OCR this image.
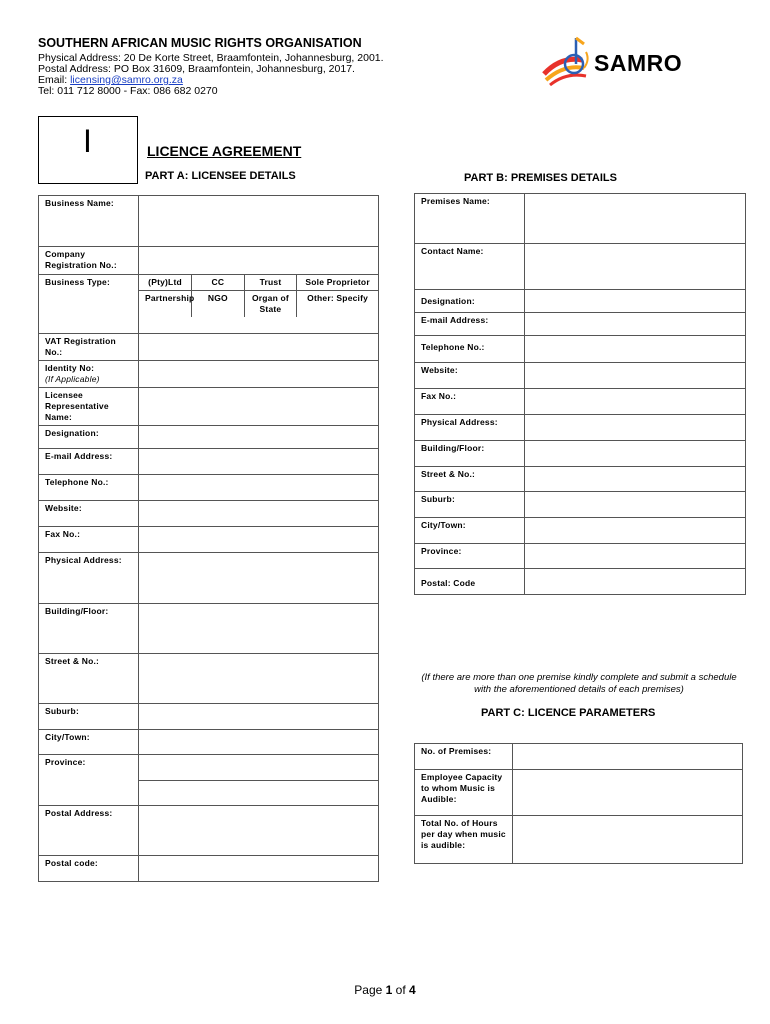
SOUTHERN AFRICAN MUSIC RIGHTS ORGANISATION
Physical Address: 20 De Korte Street, Braamfontein, Johannesburg, 2001.
Postal Address: PO Box 31609, Braamfontein, Johannesburg, 2017.
Email: licensing@samro.org.za
Tel: 011 712 8000 - Fax: 086 682 0270
SAMRO
I	LICENCE AGREEMENT
PART A: LICENSEE DETAILS	PART B: PREMISES DETAILS
Business Name:	
Company Registration No.:	
Business Type:		(Pty)Ltd	CC	Trust	Sole Proprietor
Partnership	NGO	Organ of State	Other: Specify

VAT Registration No.:	
Identity No:
(If Applicable)	
Licensee Representative Name:	
Designation:	
E-mail Address:	
Telephone No.:	
Website:	
Fax No.:	
Physical Address:	
Building/Floor:	
Street & No.:	
Suburb:	
City/Town:	
Province:	

Postal Address:	
Postal code:	
Premises Name:	
Contact Name:	
Designation:	
E-mail Address:	
Telephone No.:	
Website:	
Fax No.:	
Physical Address:	
Building/Floor:	
Street & No.:	
Suburb:	
City/Town:	
Province:	
Postal: Code	
(If there are more than one premise kindly complete and submit a schedule with the aforementioned details of each premises)
PART C: LICENCE PARAMETERS
No. of Premises:	
Employee Capacity to whom Music is Audible:	
Total No. of Hours per day when music is audible:	
Page 1 of 4
